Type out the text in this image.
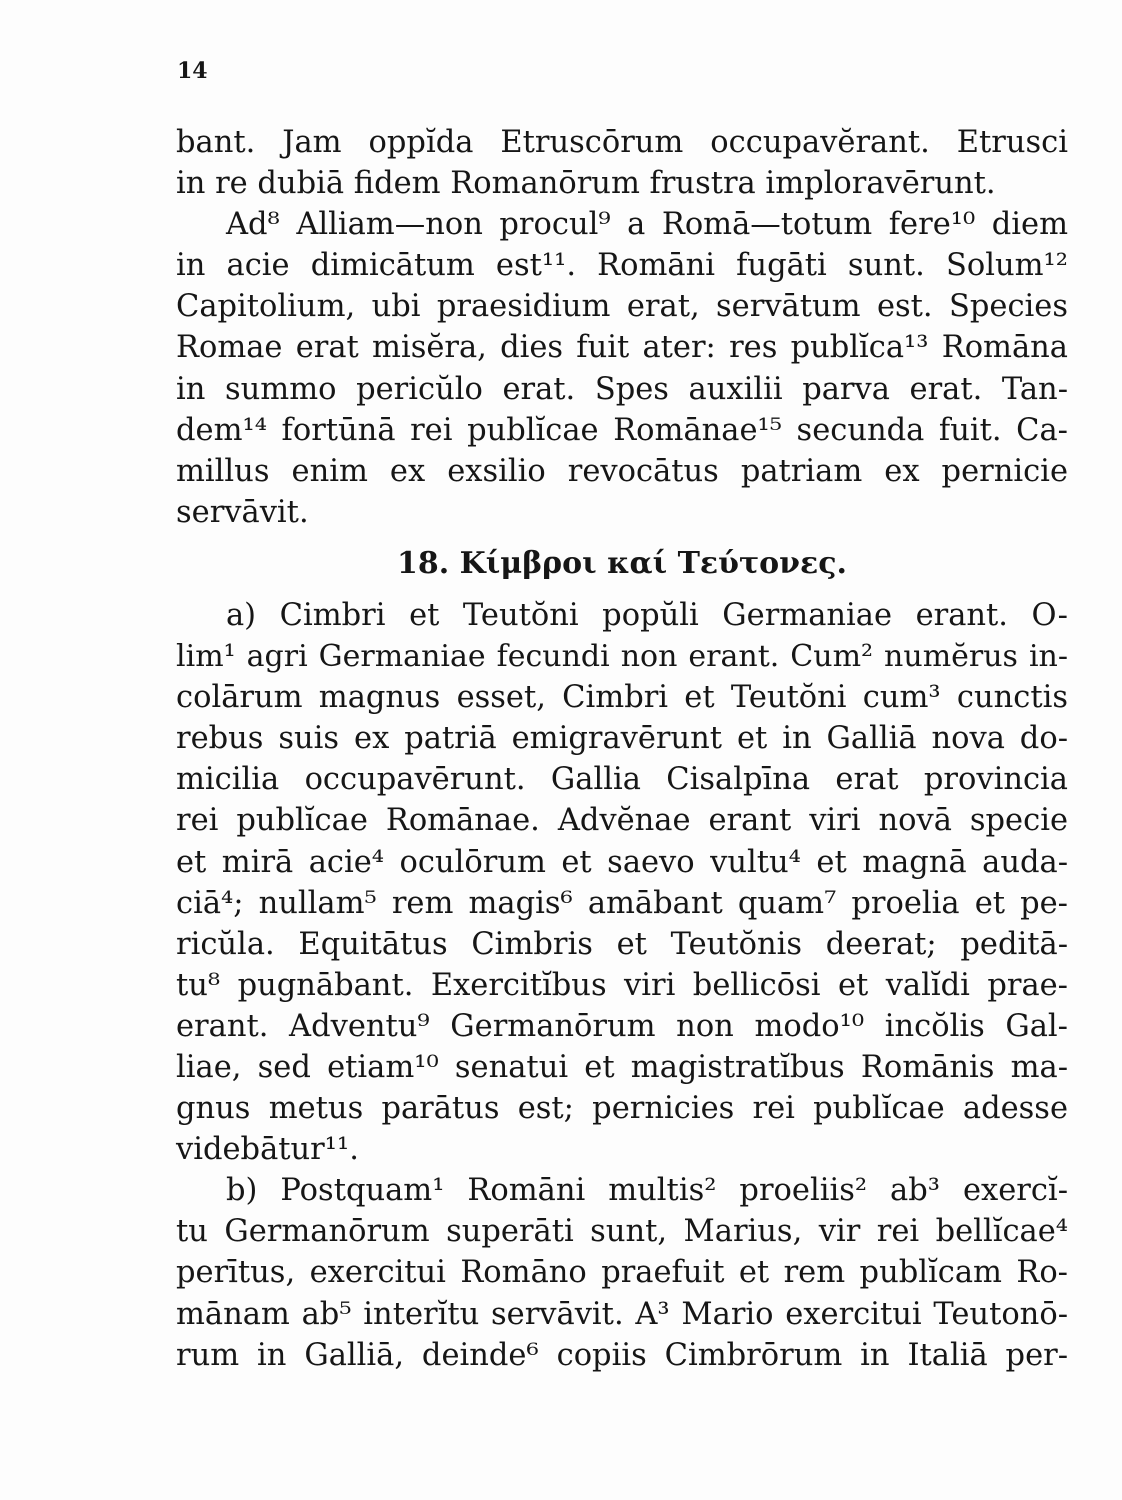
14
bant. Jam oppĭda Etruscōrum occupavĕrant. Etrusci
in re dubiā fidem Romanōrum frustra imploravērunt.
Ad⁸ Alliam—non procul⁹ a Romā—totum fere¹⁰ diem
in acie dimicātum est¹¹. Romāni fugāti sunt. Solum¹²
Capitolium, ubi praesidium erat, servātum est. Species
Romae erat misĕra, dies fuit ater: res publĭca¹³ Romāna
in summo pericŭlo erat. Spes auxilii parva erat. Tan-
dem¹⁴ fortūnā rei publĭcae Romānae¹⁵ secunda fuit. Ca-
millus enim ex exsilio revocātus patriam ex pernicie
servāvit.
18. Κίμβροι καί Τεύτονες.
a) Cimbri et Teutŏni popŭli Germaniae erant. O-
lim¹ agri Germaniae fecundi non erant. Cum² numĕrus in-
colārum magnus esset, Cimbri et Teutŏni cum³ cunctis
rebus suis ex patriā emigravērunt et in Galliā nova do-
micilia occupavērunt. Gallia Cisalpīna erat provincia
rei publĭcae Romānae. Advĕnae erant viri novā specie
et mirā acie⁴ oculōrum et saevo vultu⁴ et magnā auda-
ciā⁴; nullam⁵ rem magis⁶ amābant quam⁷ proelia et pe-
ricŭla. Equitātus Cimbris et Teutŏnis deerat; peditā-
tu⁸ pugnābant. Exercitĭbus viri bellicōsi et valĭdi prae-
erant. Adventu⁹ Germanōrum non modo¹⁰ incŏlis Gal-
liae, sed etiam¹⁰ senatui et magistratĭbus Romānis ma-
gnus metus parātus est; pernicies rei publĭcae adesse
videbātur¹¹.
b) Postquam¹ Romāni multis² proeliis² ab³ exercĭ-
tu Germanōrum superāti sunt, Marius, vir rei bellĭcae⁴
perītus, exercitui Romāno praefuit et rem publĭcam Ro-
mānam ab⁵ interĭtu servāvit. A³ Mario exercitui Teutonō-
rum in Galliā, deinde⁶ copiis Cimbrōrum in Italiā per-
